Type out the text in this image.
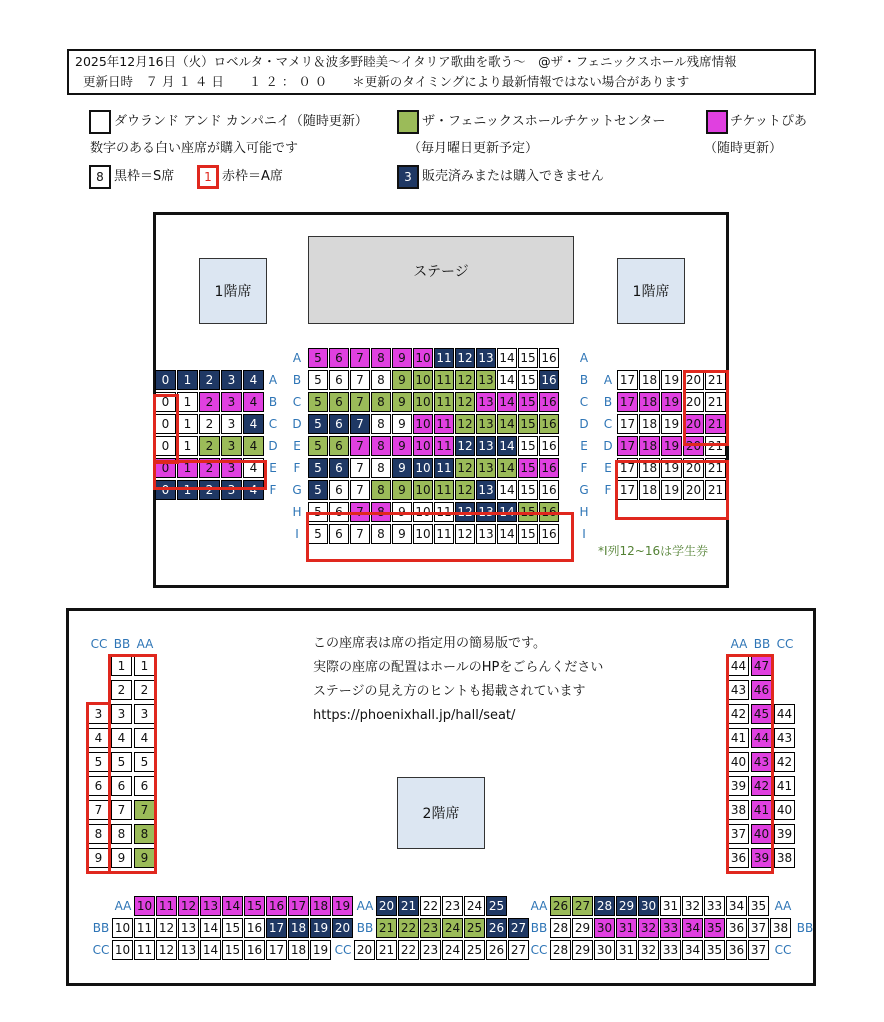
2025年12月16日（火）ロベルタ・マメリ＆波多野睦美〜イタリア歌曲を歌う〜　@ザ・フェニックスホール残席情報
更新日時　７ 月 １ ４ 日　　１ ２ ： ０ ０　　＊更新のタイミングにより最新情報ではない場合があります
ダウランド アンド カンパニイ（随時更新）
数字のある白い座席が購入可能です
ザ・フェニックスホールチケットセンター
（毎月曜日更新予定）
チケットぴあ
（随時更新）
8 黒枠＝S席	1 赤枠＝A席	3 販売済みまたは購入できません
ステージ
1階席	1階席
*I列12~16は学生券
この座席表は席の指定用の簡易版です。
実際の座席の配置はホールのHPをごらんください
ステージの見え方のヒントも掲載されています
https://phoenixhall.jp/hall/seat/
2階席
A	A
5	6	7	8	9 10 11 12 13 14 15 16
B	B
5	6	7	8	9 10 11 12 13 14 15 16
C	C
5	6	7	8	9 10 11 12 13 14 15 16
D	D
5	6	7	8	9 10 11 12 13 14 15 16
E	E
5	6	7	8	9 10 11 12 13 14 15 16
F	F
5	6	7	8	9 10 11 12 13 14 15 16
G	G
5	6	7	8	9 10 11 12 13 14 15 16
H	H
5	6	7	8	9 10 11 12 13 14 15 16
I	I
5	6	7	8	9 10 11 12 13 14 15 16
0	1	2	3	4 A
0	1	2	3	4 B
0	1	2	3	4 C
0	1	2	3	4 D
0	1	2	3	4 E
0	1	2	3	4	F
A 17 18 19 20 21
B 17 18 19 20 21
C 17 18 19 20 21
D 17 18 19 20 21
E 17 18 19 20 21
F 17 18 19 20 21
CC BB AA
1	1
2	2
3	3	3
4	4	4
5	5	5
6	6	6
7	7	7
8	8	8
9	9	9
AA BB CC
44 47
43 46
42 45 44
41 44 43
40 43 42
39 42 41
38 41 40
37 40 39
36 39 38
AA 10 11 12 13 14 15 16 17 18 19 AA 20 21 22 23 24 25 AA 26 27 28 29 30 31 32 33 34 35 AA
BB 10 11 12 13 14 15 16 17 18 19 20 BB 21 22 23 24 25 26 27 BB 28 29 30 31 32 33 34 35 36 37 38 BB
CC 10 11 12 13 14 15 16 17 18 19 CC 20 21 22 23 24 25 26 27 CC 28 29 30 31 32 33 34 35 36 37 CC
